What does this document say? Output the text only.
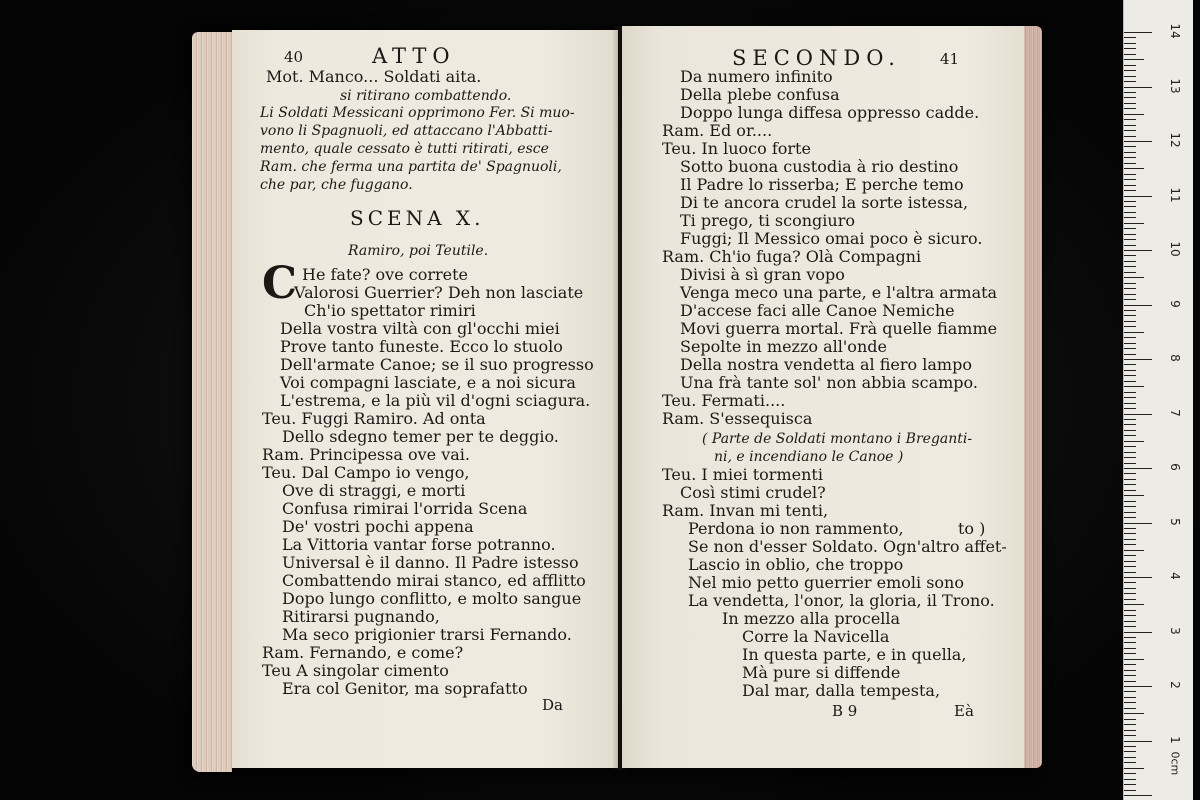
40	ATTO
Mot. Manco... Soldati aita.
si ritirano combattendo.
Li Soldati Messicani opprimono Fer. Si muo-
vono li Spagnuoli, ed attaccano l'Abbatti-
mento, quale cessato è tutti ritirati, esce
Ram. che ferma una partita de' Spagnuoli,
che par, che fuggano.
SCENA X.
Ramiro, poi Teutile.
C He fate? ove correte
Valorosi Guerrier? Deh non lasciate
Ch'io spettator rimiri
Della vostra viltà con gl'occhi miei
Prove tanto funeste. Ecco lo stuolo
Dell'armate Canoe; se il suo progresso
Voi compagni lasciate, e a noi sicura
L'estrema, e la più vil d'ogni sciagura.
Teu. Fuggi Ramiro. Ad onta
Dello sdegno temer per te deggio.
Ram. Principessa ove vai.
Teu. Dal Campo io vengo,
Ove di straggi, e morti
Confusa rimirai l'orrida Scena
De' vostri pochi appena
La Vittoria vantar forse potranno.
Universal è il danno. Il Padre istesso
Combattendo mirai stanco, ed afflitto
Dopo lungo conflitto, e molto sangue
Ritirarsi pugnando,
Ma seco prigionier trarsi Fernando.
Ram. Fernando, e come?
Teu A singolar cimento
Era col Genitor, ma soprafatto
Da
SECONDO.	41
Da numero infinito
Della plebe confusa
Doppo lunga diffesa oppresso cadde.
Ram. Ed or....
Teu. In luoco forte
Sotto buona custodia à rio destino
Il Padre lo risserba; E perche temo
Di te ancora crudel la sorte istessa,
Ti prego, ti scongiuro
Fuggi; Il Messico omai poco è sicuro.
Ram. Ch'io fuga? Olà Compagni
Divisi à sì gran vopo
Venga meco una parte, e l'altra armata
D'accese faci alle Canoe Nemiche
Movi guerra mortal. Frà quelle fiamme
Sepolte in mezzo all'onde
Della nostra vendetta al fiero lampo
Una frà tante sol' non abbia scampo.
Teu. Fermati....
Ram. S'essequisca
( Parte de Soldati montano i Breganti-
ni, e incendiano le Canoe )
Teu. I miei tormenti
Così stimi crudel?
Ram. Invan mi tenti,
Perdona io non rammento,	to )
Se non d'esser Soldato. Ogn'altro affet-
Lascio in oblio, che troppo
Nel mio petto guerrier emoli sono
La vendetta, l'onor, la gloria, il Trono.
In mezzo alla procella
Corre la Navicella
In questa parte, e in quella,
Mà pure si diffende
Dal mar, dalla tempesta,
B 9	Eà
14
13
12
11
10
9
8
7
6
5
4
3
2
1
0cm
